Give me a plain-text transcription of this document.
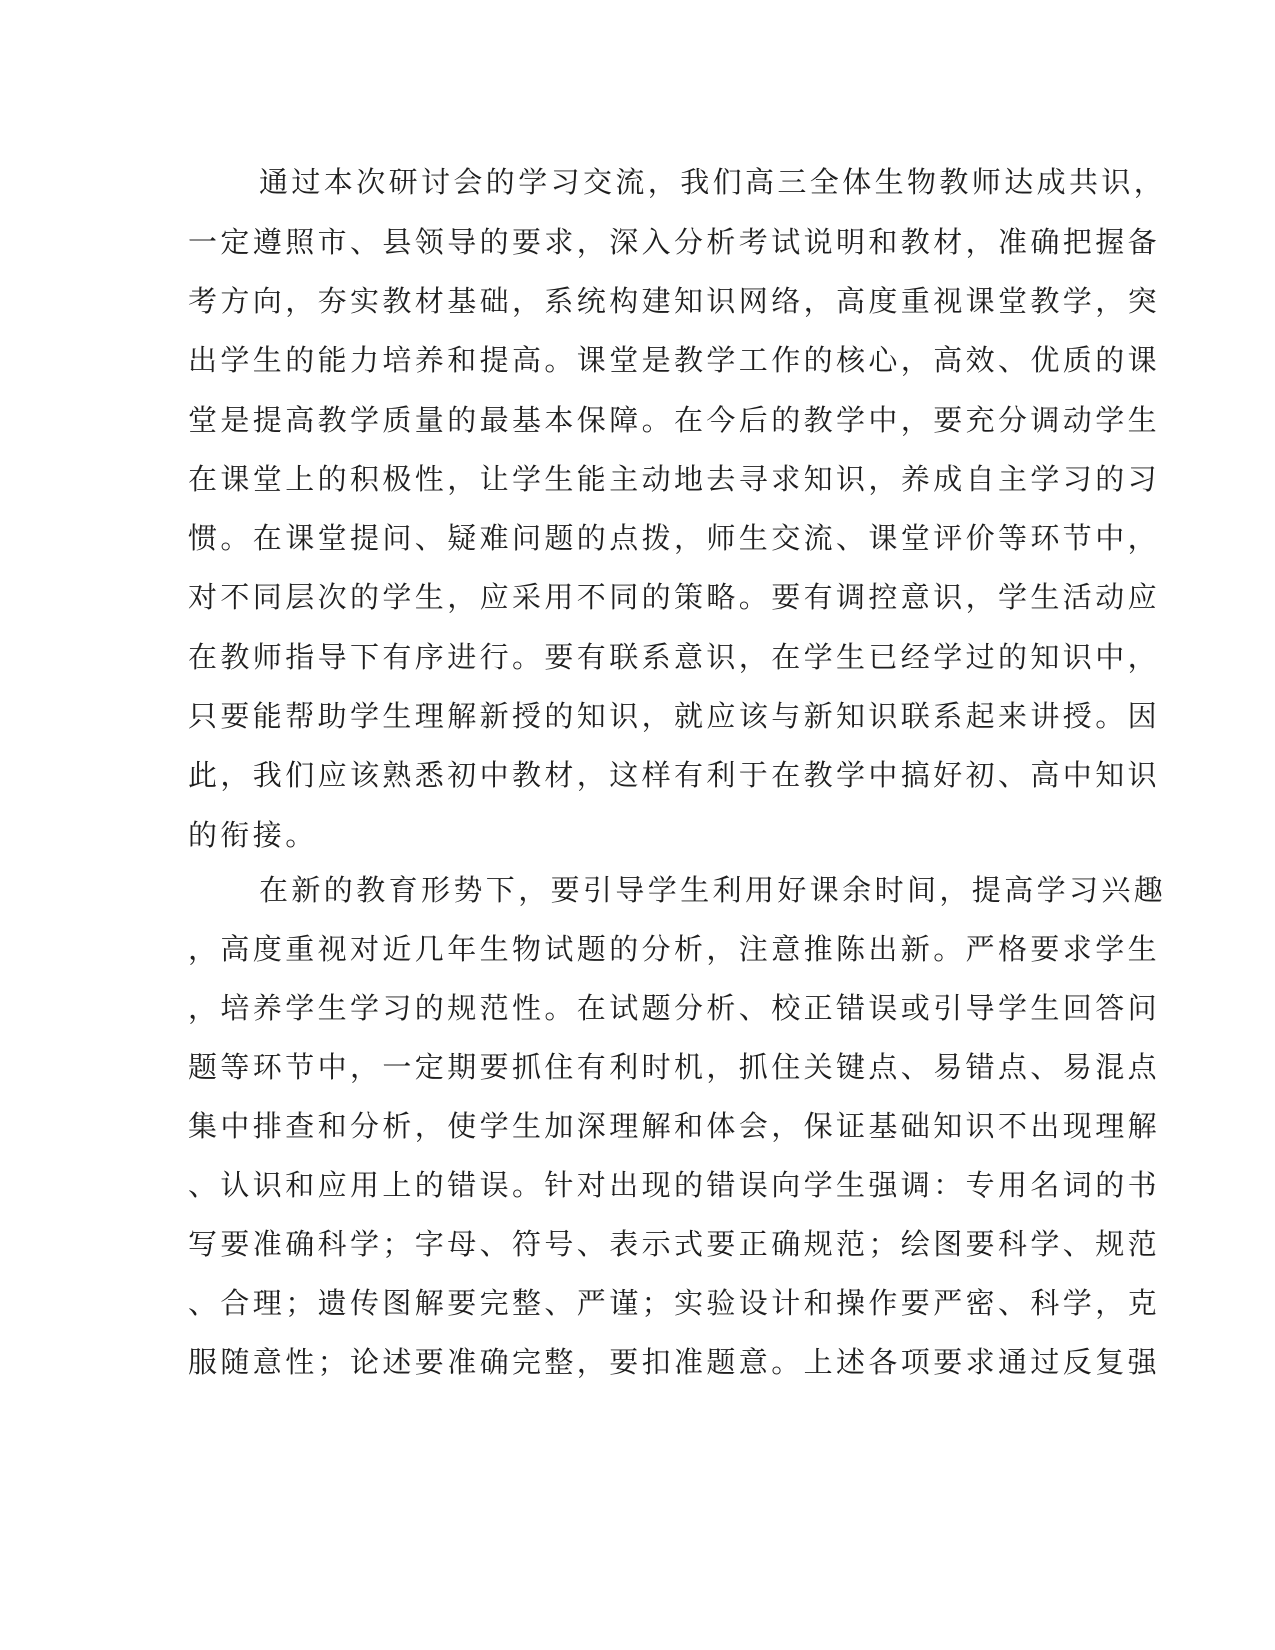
通过本次研讨会的学习交流，我们高三全体生物教师达成共识，

一定遵照市、县领导的要求，深入分析考试说明和教材，准确把握备

考方向，夯实教材基础，系统构建知识网络，高度重视课堂教学，突

出学生的能力培养和提高。课堂是教学工作的核心，高效、优质的课

堂是提高教学质量的最基本保障。在今后的教学中，要充分调动学生

在课堂上的积极性，让学生能主动地去寻求知识，养成自主学习的习

惯。在课堂提问、疑难问题的点拨，师生交流、课堂评价等环节中，

对不同层次的学生，应采用不同的策略。要有调控意识，学生活动应

在教师指导下有序进行。要有联系意识，在学生已经学过的知识中，

只要能帮助学生理解新授的知识，就应该与新知识联系起来讲授。因

此，我们应该熟悉初中教材，这样有利于在教学中搞好初、高中知识

的衔接。

在新的教育形势下，要引导学生利用好课余时间，提高学习兴趣

，高度重视对近几年生物试题的分析，注意推陈出新。严格要求学生

，培养学生学习的规范性。在试题分析、校正错误或引导学生回答问

题等环节中，一定期要抓住有利时机，抓住关键点、易错点、易混点

集中排查和分析，使学生加深理解和体会，保证基础知识不出现理解

、认识和应用上的错误。针对出现的错误向学生强调：专用名词的书

写要准确科学；字母、符号、表示式要正确规范；绘图要科学、规范

、合理；遗传图解要完整、严谨；实验设计和操作要严密、科学，克

服随意性；论述要准确完整，要扣准题意。上述各项要求通过反复强
